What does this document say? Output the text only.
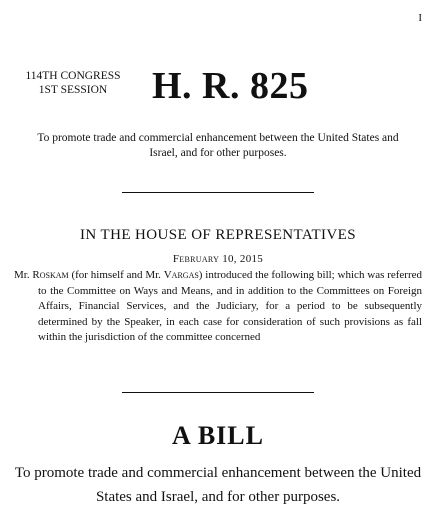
I
114TH CONGRESS
1ST SESSION	H. R. 825
To promote trade and commercial enhancement between the United States and Israel, and for other purposes.
IN THE HOUSE OF REPRESENTATIVES
February 10, 2015

Mr. Roskam (for himself and Mr. Vargas) introduced the following bill; which was referred to the Committee on Ways and Means, and in addition to the Committees on Foreign Affairs, Financial Services, and the Judiciary, for a period to be subsequently determined by the Speaker, in each case for consideration of such provisions as fall within the jurisdiction of the committee concerned

A BILL
To promote trade and commercial enhancement between the United States and Israel, and for other purposes.
